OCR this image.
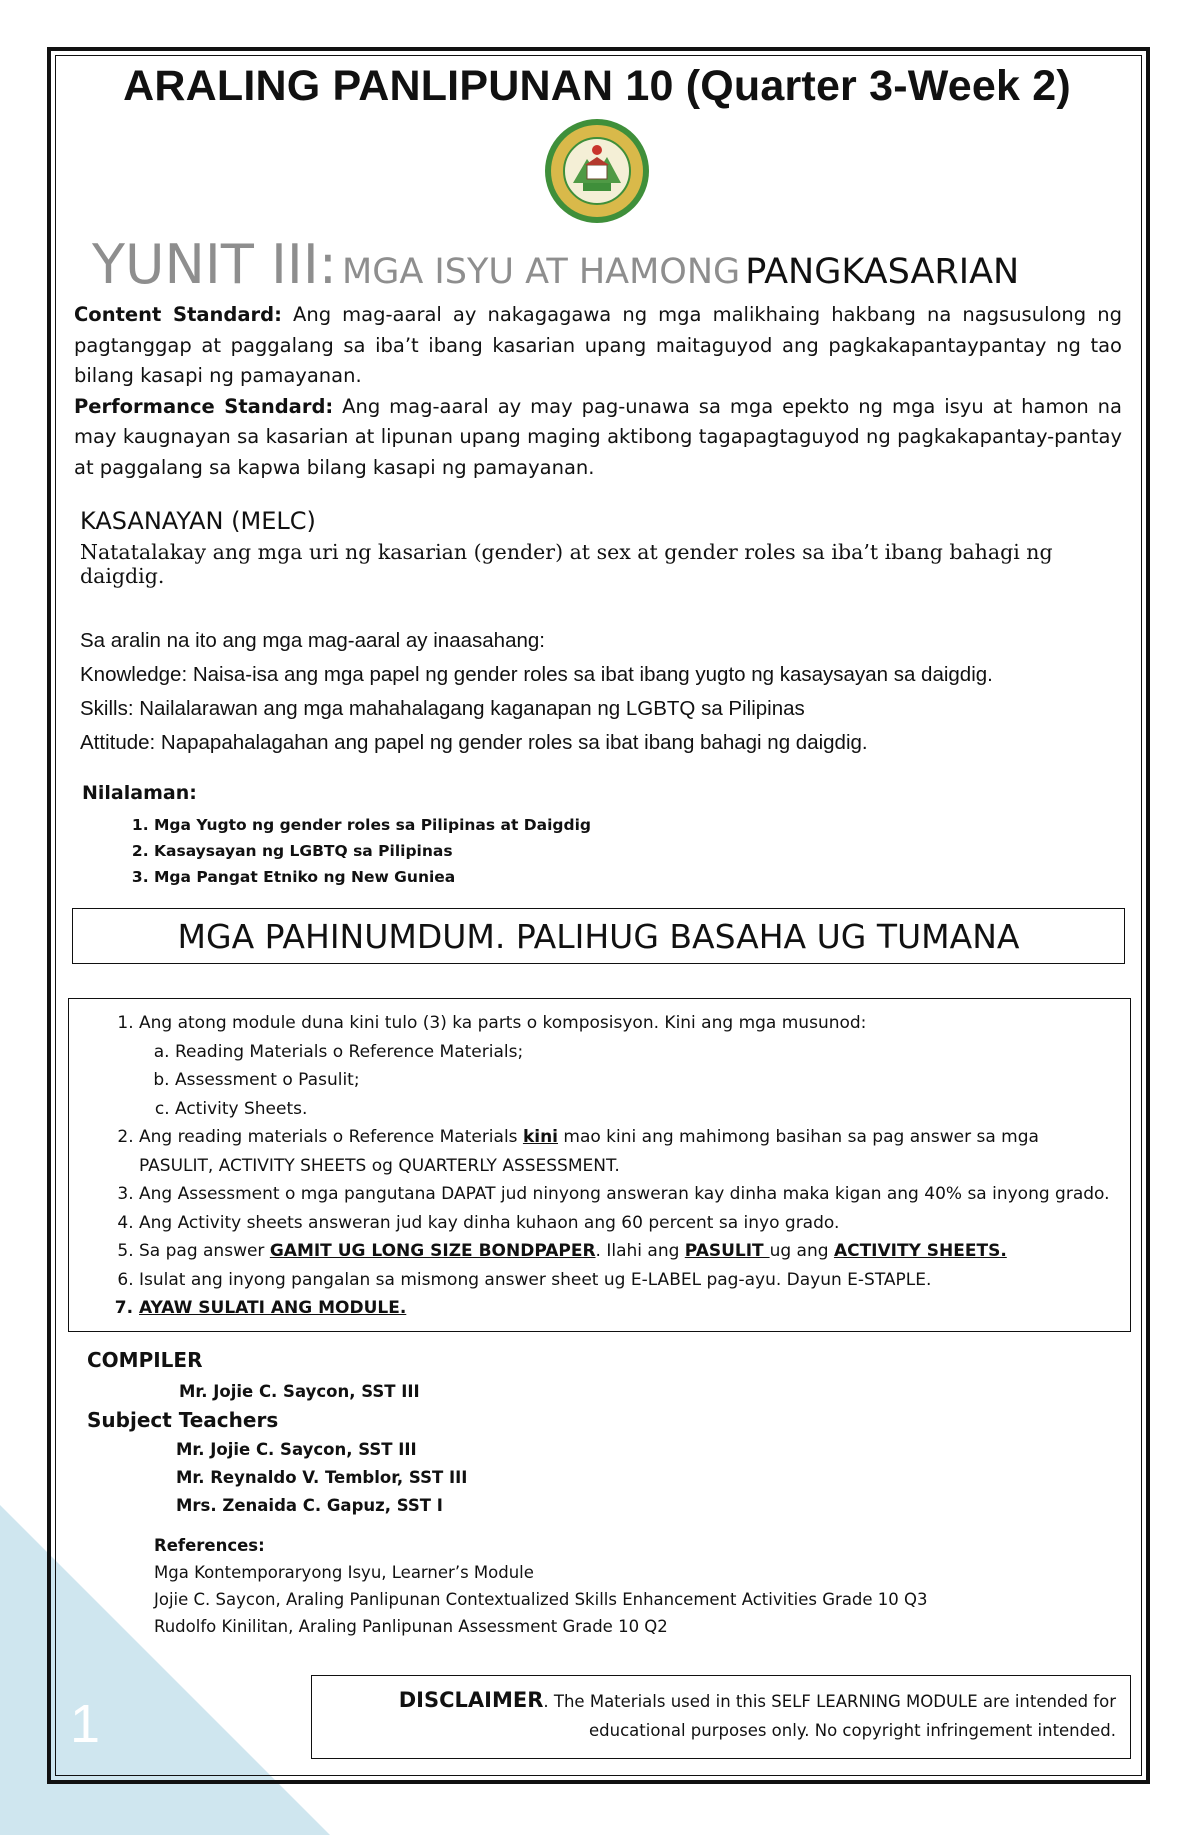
1
ARALING PANLIPUNAN 10 (Quarter 3-Week 2)
YUNIT III: MGA ISYU AT HAMONG PANGKASARIAN
Content Standard: Ang mag-aaral ay nakagagawa ng mga malikhaing hakbang na nagsusulong ng pagtanggap at paggalang sa iba’t ibang kasarian upang maitaguyod ang pagkakapantaypantay ng tao bilang kasapi ng pamayanan.
Performance Standard: Ang mag-aaral ay may pag-unawa sa mga epekto ng mga isyu at hamon na may kaugnayan sa kasarian at lipunan upang maging aktibong tagapagtaguyod ng pagkakapantay-pantay at paggalang sa kapwa bilang kasapi ng pamayanan.
KASANAYAN (MELC)
Natatalakay ang mga uri ng kasarian (gender) at sex at gender roles sa iba’t ibang bahagi ng daigdig.
Sa aralin na ito ang mga mag-aaral ay inaasahang:
Knowledge: Naisa-isa ang mga papel ng gender roles sa ibat ibang yugto ng kasaysayan sa daigdig.
Skills: Nailalarawan ang mga mahahalagang kaganapan ng LGBTQ sa Pilipinas
Attitude: Napapahalagahan ang papel ng gender roles sa ibat ibang bahagi ng daigdig.
Nilalaman:
1. Mga Yugto ng gender roles sa Pilipinas at Daigdig
2. Kasaysayan ng LGBTQ sa Pilipinas
3. Mga Pangat Etniko ng New Guniea
MGA PAHINUMDUM. PALIHUG BASAHA UG TUMANA
1. Ang atong module duna kini tulo (3) ka parts o komposisyon. Kini ang mga musunod:
a. Reading Materials o Reference Materials;
b. Assessment o Pasulit;
c. Activity Sheets.
2. Ang reading materials o Reference Materials kini mao kini ang mahimong basihan sa pag answer sa mga PASULIT, ACTIVITY SHEETS og QUARTERLY ASSESSMENT.
3. Ang Assessment o mga pangutana DAPAT jud ninyong answeran kay dinha maka kigan ang 40% sa inyong grado.
4. Ang Activity sheets answeran jud kay dinha kuhaon ang 60 percent sa inyo grado.
5. Sa pag answer GAMIT UG LONG SIZE BONDPAPER. Ilahi ang PASULIT ug ang ACTIVITY SHEETS.
6. Isulat ang inyong pangalan sa mismong answer sheet ug E-LABEL pag-ayu. Dayun E-STAPLE.
7. AYAW SULATI ANG MODULE.
COMPILER
Mr. Jojie C. Saycon, SST III
Subject Teachers
Mr. Jojie C. Saycon, SST III
Mr. Reynaldo V. Temblor, SST III
Mrs. Zenaida C. Gapuz, SST I
References:
Mga Kontemporaryong Isyu, Learner’s Module
Jojie C. Saycon, Araling Panlipunan Contextualized Skills Enhancement Activities Grade 10 Q3
Rudolfo Kinilitan, Araling Panlipunan Assessment Grade 10 Q2
DISCLAIMER. The Materials used in this SELF LEARNING MODULE are intended for
educational purposes only. No copyright infringement intended.
